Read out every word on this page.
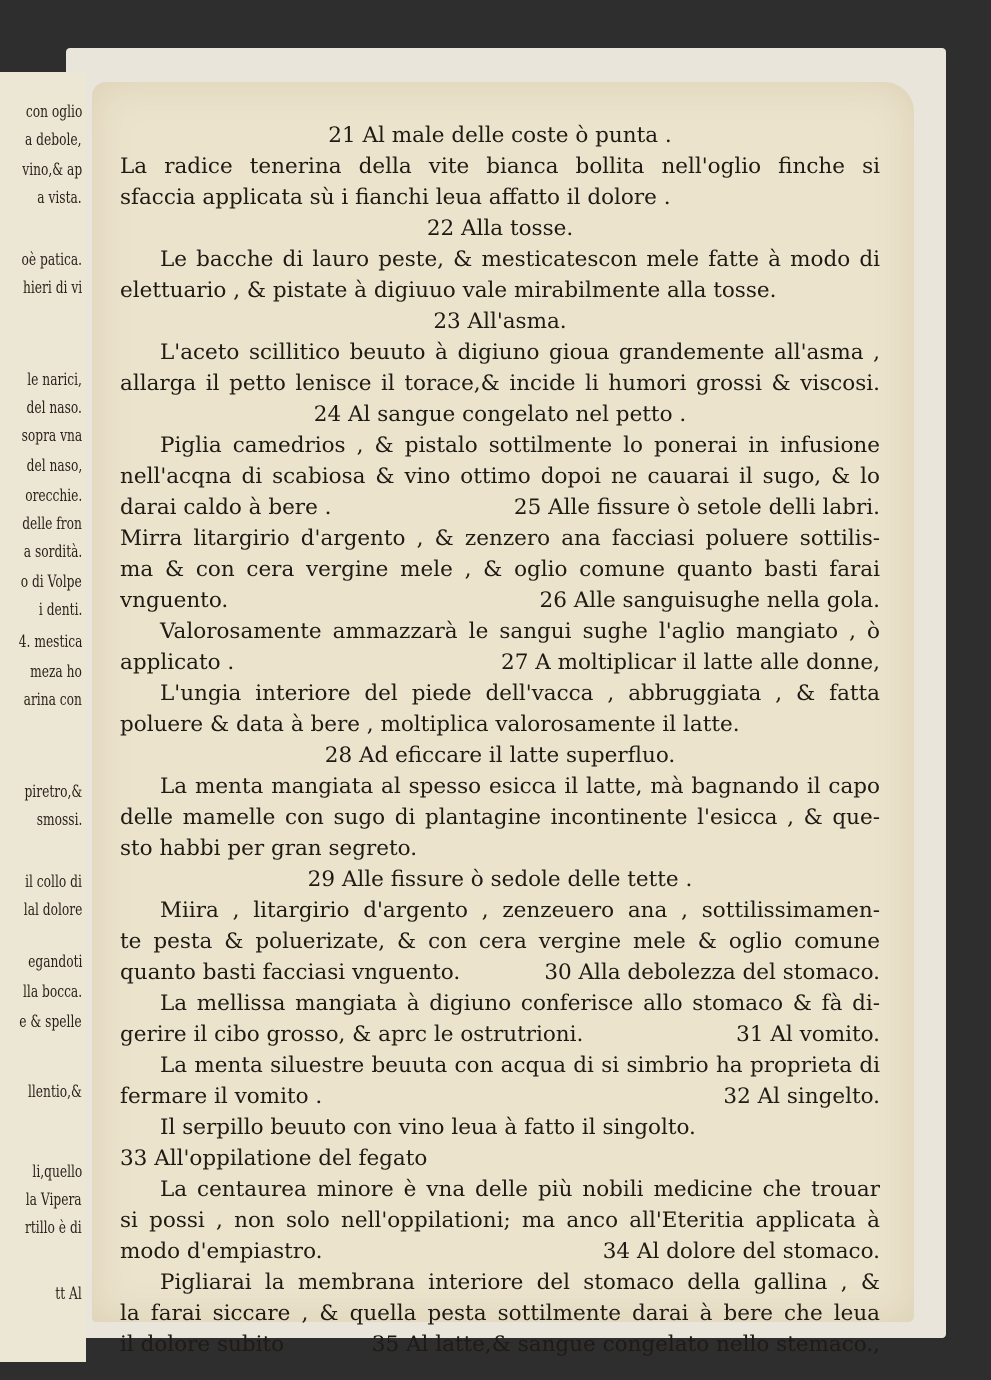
con oglio
a debole,
vino,& ap
a vista.
oè patica.
hieri di vi
le narici,
del naso.
sopra vna
del naso,
orecchie.
delle fron
a sordità.
o di Volpe
i denti.
4. mestica
meza ho
arina con
piretro,&
smossi.
il collo di
lal dolore
egandoti
lla bocca.
e & spelle
llentio,&
li,quello
la Vipera
rtillo è di
tt Al
21 Al male delle coste ò punta .
La radice tenerina della vite bianca bollita nell'oglio finche si
sfaccia applicata sù i fianchi leua affatto il dolore .
22 Alla tosse.
Le bacche di lauro peste, & mesticatescon mele fatte à modo di
elettuario , & pistate à digiuuo vale mirabilmente alla tosse.
23 All'asma.
L'aceto scillitico beuuto à digiuno gioua grandemente all'asma ,
allarga il petto lenisce il torace,& incide li humori grossi & viscosi.
24 Al sangue congelato nel petto .
Piglia camedrios , & pistalo sottilmente lo ponerai in infusione
nell'acqna di scabiosa & vino ottimo dopoi ne cauarai il sugo, & lo
darai caldo à bere .	25 Alle fissure ò setole delli labri.
Mirra litargirio d'argento , & zenzero ana facciasi poluere sottilis-
ma & con cera vergine mele , & oglio comune quanto basti farai
vnguento.	26 Alle sanguisughe nella gola.
Valorosamente ammazzarà le sangui sughe l'aglio mangiato , ò
applicato .	27 A moltiplicar il latte alle donne,
L'ungia interiore del piede dell'vacca , abbruggiata , & fatta
poluere & data à bere , moltiplica valorosamente il latte.
28 Ad eficcare il latte superfluo.
La menta mangiata al spesso esicca il latte, mà bagnando il capo
delle mamelle con sugo di plantagine incontinente l'esicca , & que-
sto habbi per gran segreto.
29 Alle fissure ò sedole delle tette .
Miira , litargirio d'argento , zenzeuero ana , sottilissimamen-
te pesta & poluerizate, & con cera vergine mele & oglio comune
quanto basti facciasi vnguento.	30 Alla debolezza del stomaco.
La mellissa mangiata à digiuno conferisce allo stomaco & fà di-
gerire il cibo grosso, & aprc le ostrutrioni.	31 Al vomito.
La menta siluestre beuuta con acqua di si simbrio ha proprieta di
fermare il vomito .	32 Al singelto.
Il serpillo beuuto con vino leua à fatto il singolto.
33 All'oppilatione del fegato
La centaurea minore è vna delle più nobili medicine che trouar
si possi , non solo nell'oppilationi; ma anco all'Eteritia applicata à
modo d'empiastro.	34 Al dolore del stomaco.
Pigliarai la membrana interiore del stomaco della gallina , &
la farai siccare , & quella pesta sottilmente darai à bere che leua
il dolore subito	35 Al latte,& sangue congelato nello stemaco.,
